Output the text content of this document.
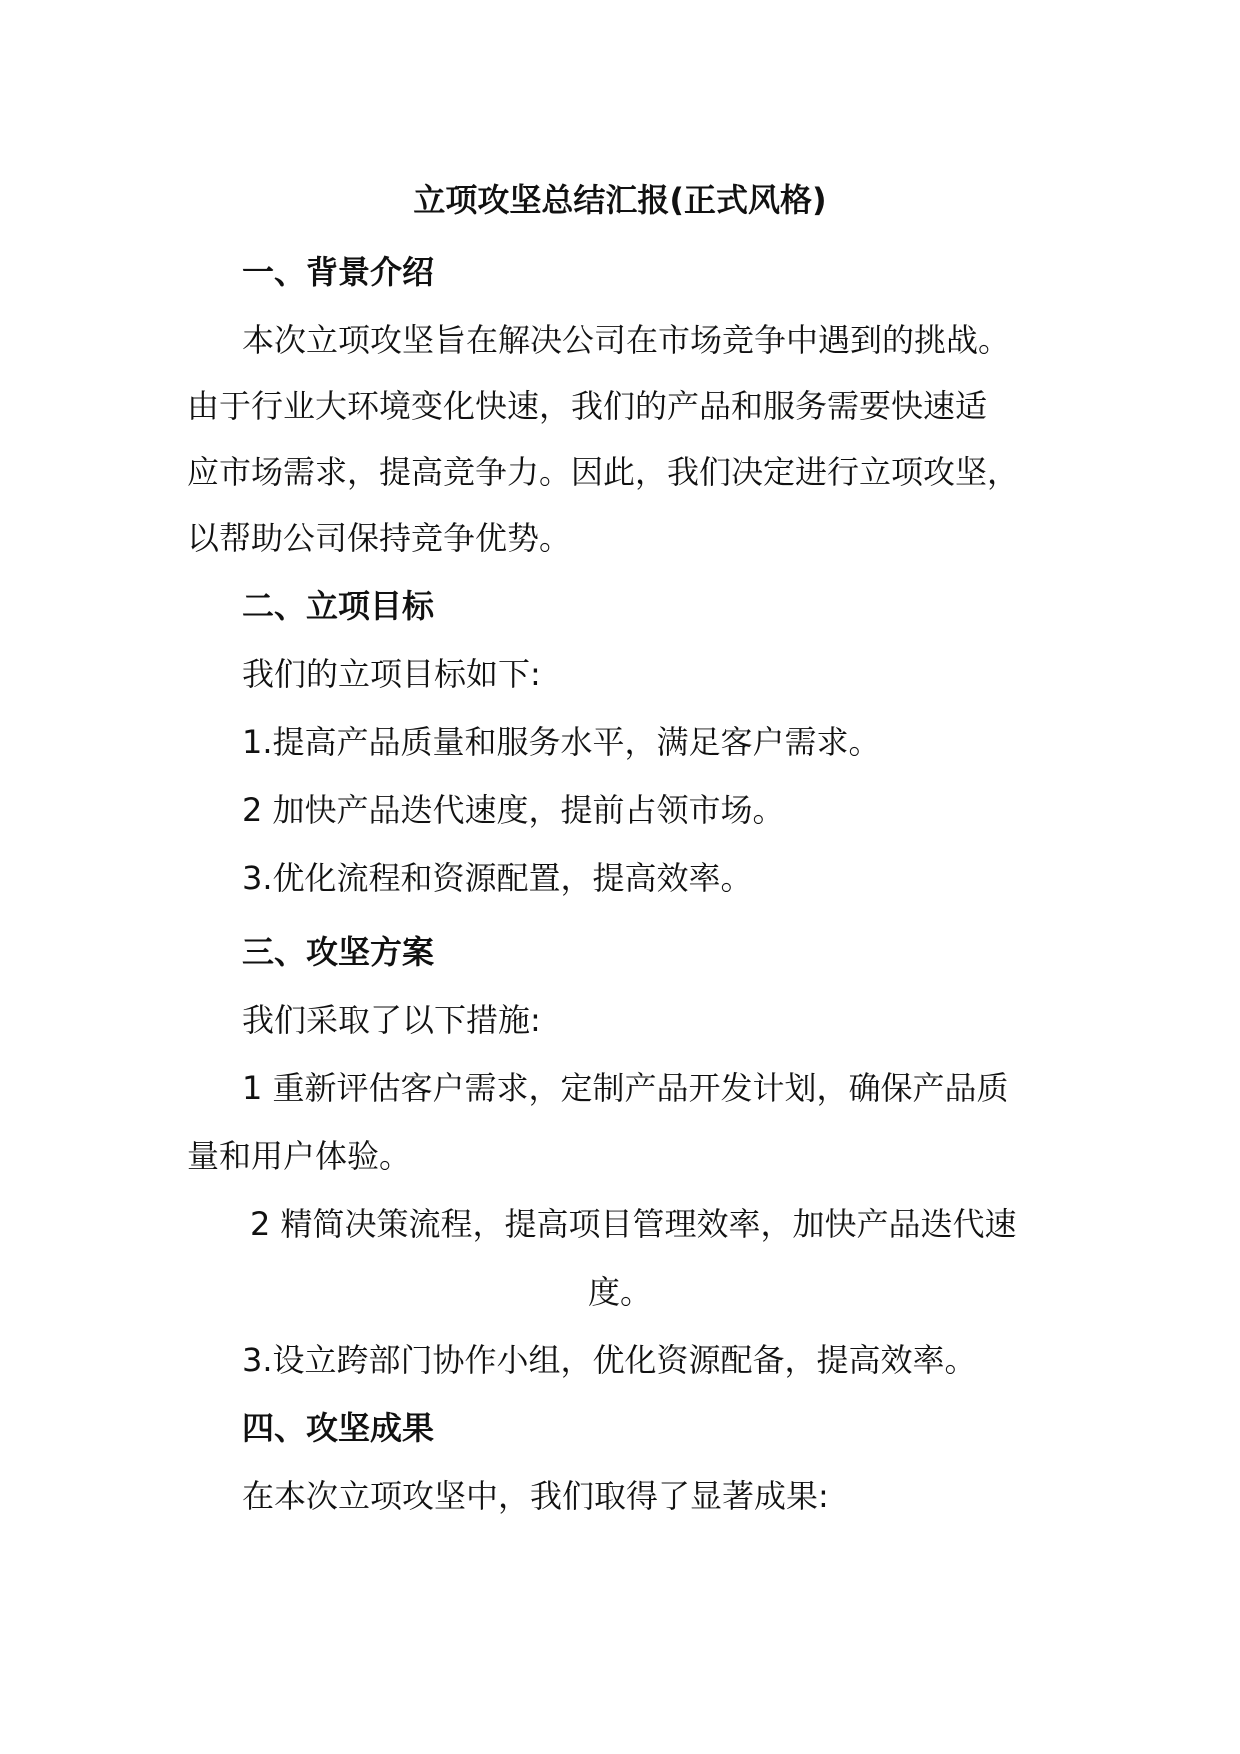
立项攻坚总结汇报(正式风格)
一、背景介绍
本次立项攻坚旨在解决公司在市场竞争中遇到的挑战。
由于行业大环境变化快速，我们的产品和服务需要快速适
应市场需求，提高竞争力。因此，我们决定进行立项攻坚，
以帮助公司保持竞争优势。
二、立项目标
我们的立项目标如下:
1.提高产品质量和服务水平，满足客户需求。
2 加快产品迭代速度，提前占领市场。
3.优化流程和资源配置，提高效率。
三、攻坚方案
我们采取了以下措施:
1 重新评估客户需求，定制产品开发计划，确保产品质
量和用户体验。
2 精简决策流程，提高项目管理效率，加快产品迭代速
度。
3.设立跨部门协作小组，优化资源配备，提高效率。
四、攻坚成果
在本次立项攻坚中，我们取得了显著成果:
